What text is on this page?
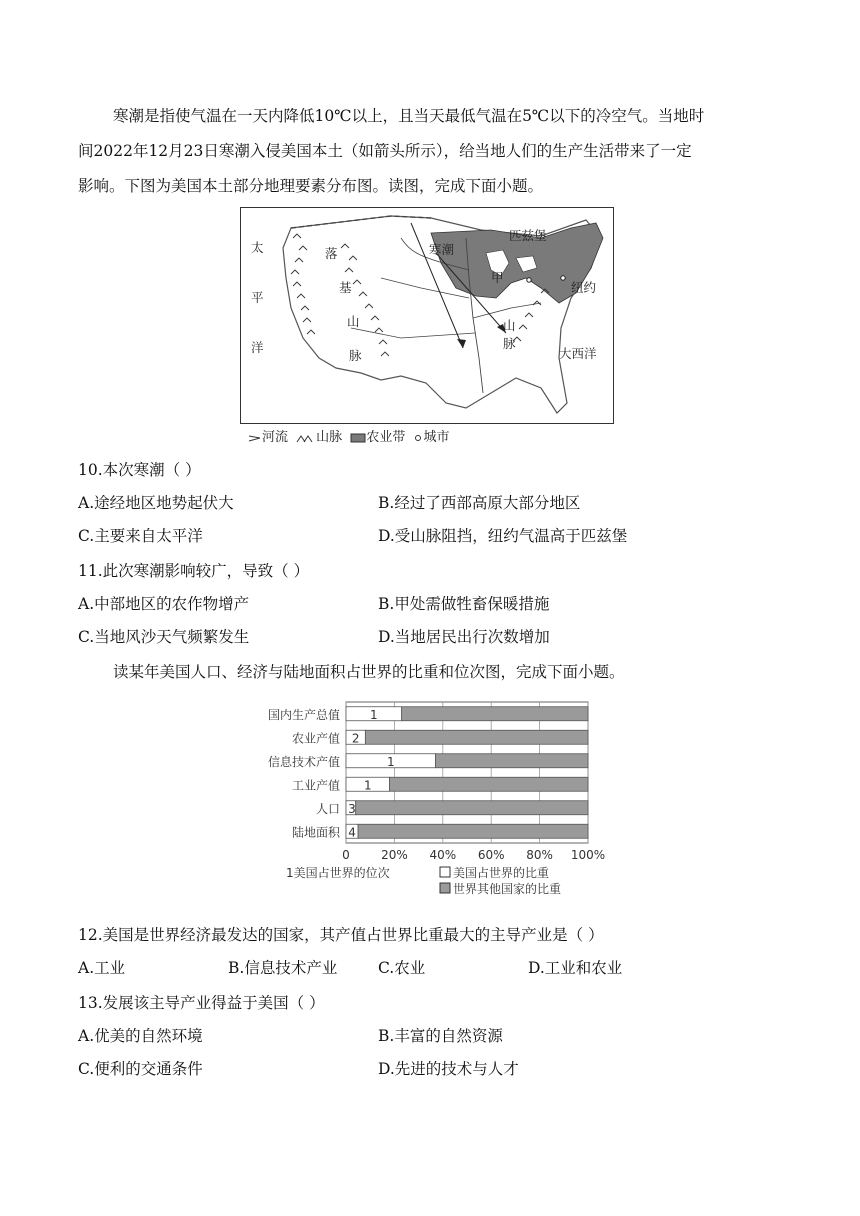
寒潮是指使气温在一天内降低10℃以上，且当天最低气温在5℃以下的冷空气。当地时
间2022年12月23日寒潮入侵美国本土（如箭头所示），给当地人们的生产生活带来了一定
影响。下图为美国本土部分地理要素分布图。读图，完成下面小题。
太
平
洋
落
基
山
脉
匹兹堡
寒潮
甲
纽约
山
脉
大西洋
河流 山脉 农业带 城市
10.本次寒潮（ ）
A.途经地区地势起伏大	B.经过了西部高原大部分地区
C.主要来自太平洋	D.受山脉阻挡，纽约气温高于匹兹堡
11.此次寒潮影响较广，导致（ ）
A.中部地区的农作物增产	B.甲处需做牲畜保暖措施
C.当地风沙天气频繁发生	D.当地居民出行次数增加
读某年美国人口、经济与陆地面积占世界的比重和位次图，完成下面小题。
0	20% 40% 60% 80% 100%
国内生产总值	1
农业产值 2
信息技术产值	1
工业产值 1
人口 3
陆地面积 4
1美国占世界的位次	美国占世界的比重
世界其他国家的比重
12.美国是世界经济最发达的国家，其产值占世界比重最大的主导产业是（ ）
A.工业	B.信息技术产业	C.农业	D.工业和农业
13.发展该主导产业得益于美国（ ）
A.优美的自然环境	B.丰富的自然资源
C.便利的交通条件	D.先进的技术与人才
